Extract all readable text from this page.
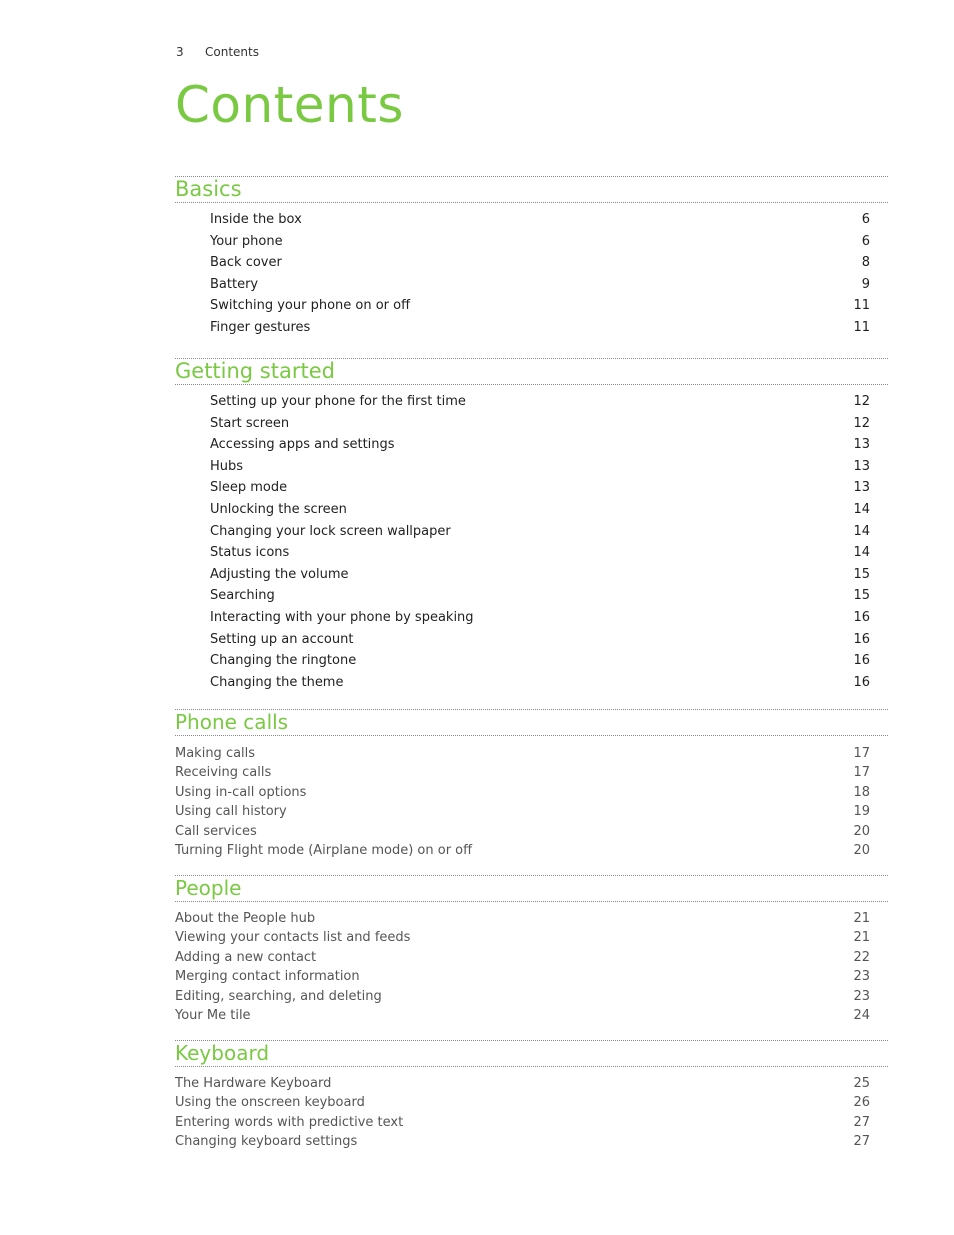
3 Contents
Contents
Basics
Inside the box	6
Your phone	6
Back cover	8
Battery	9
Switching your phone on or off	11
Finger gestures	11
Getting started
Setting up your phone for the first time	12
Start screen	12
Accessing apps and settings	13
Hubs	13
Sleep mode	13
Unlocking the screen	14
Changing your lock screen wallpaper	14
Status icons	14
Adjusting the volume	15
Searching	15
Interacting with your phone by speaking	16
Setting up an account	16
Changing the ringtone	16
Changing the theme	16
Phone calls
Making calls	17
Receiving calls	17
Using in-call options	18
Using call history	19
Call services	20
Turning Flight mode (Airplane mode) on or off	20
People
About the People hub	21
Viewing your contacts list and feeds	21
Adding a new contact	22
Merging contact information	23
Editing, searching, and deleting	23
Your Me tile	24
Keyboard
The Hardware Keyboard	25
Using the onscreen keyboard	26
Entering words with predictive text	27
Changing keyboard settings	27
